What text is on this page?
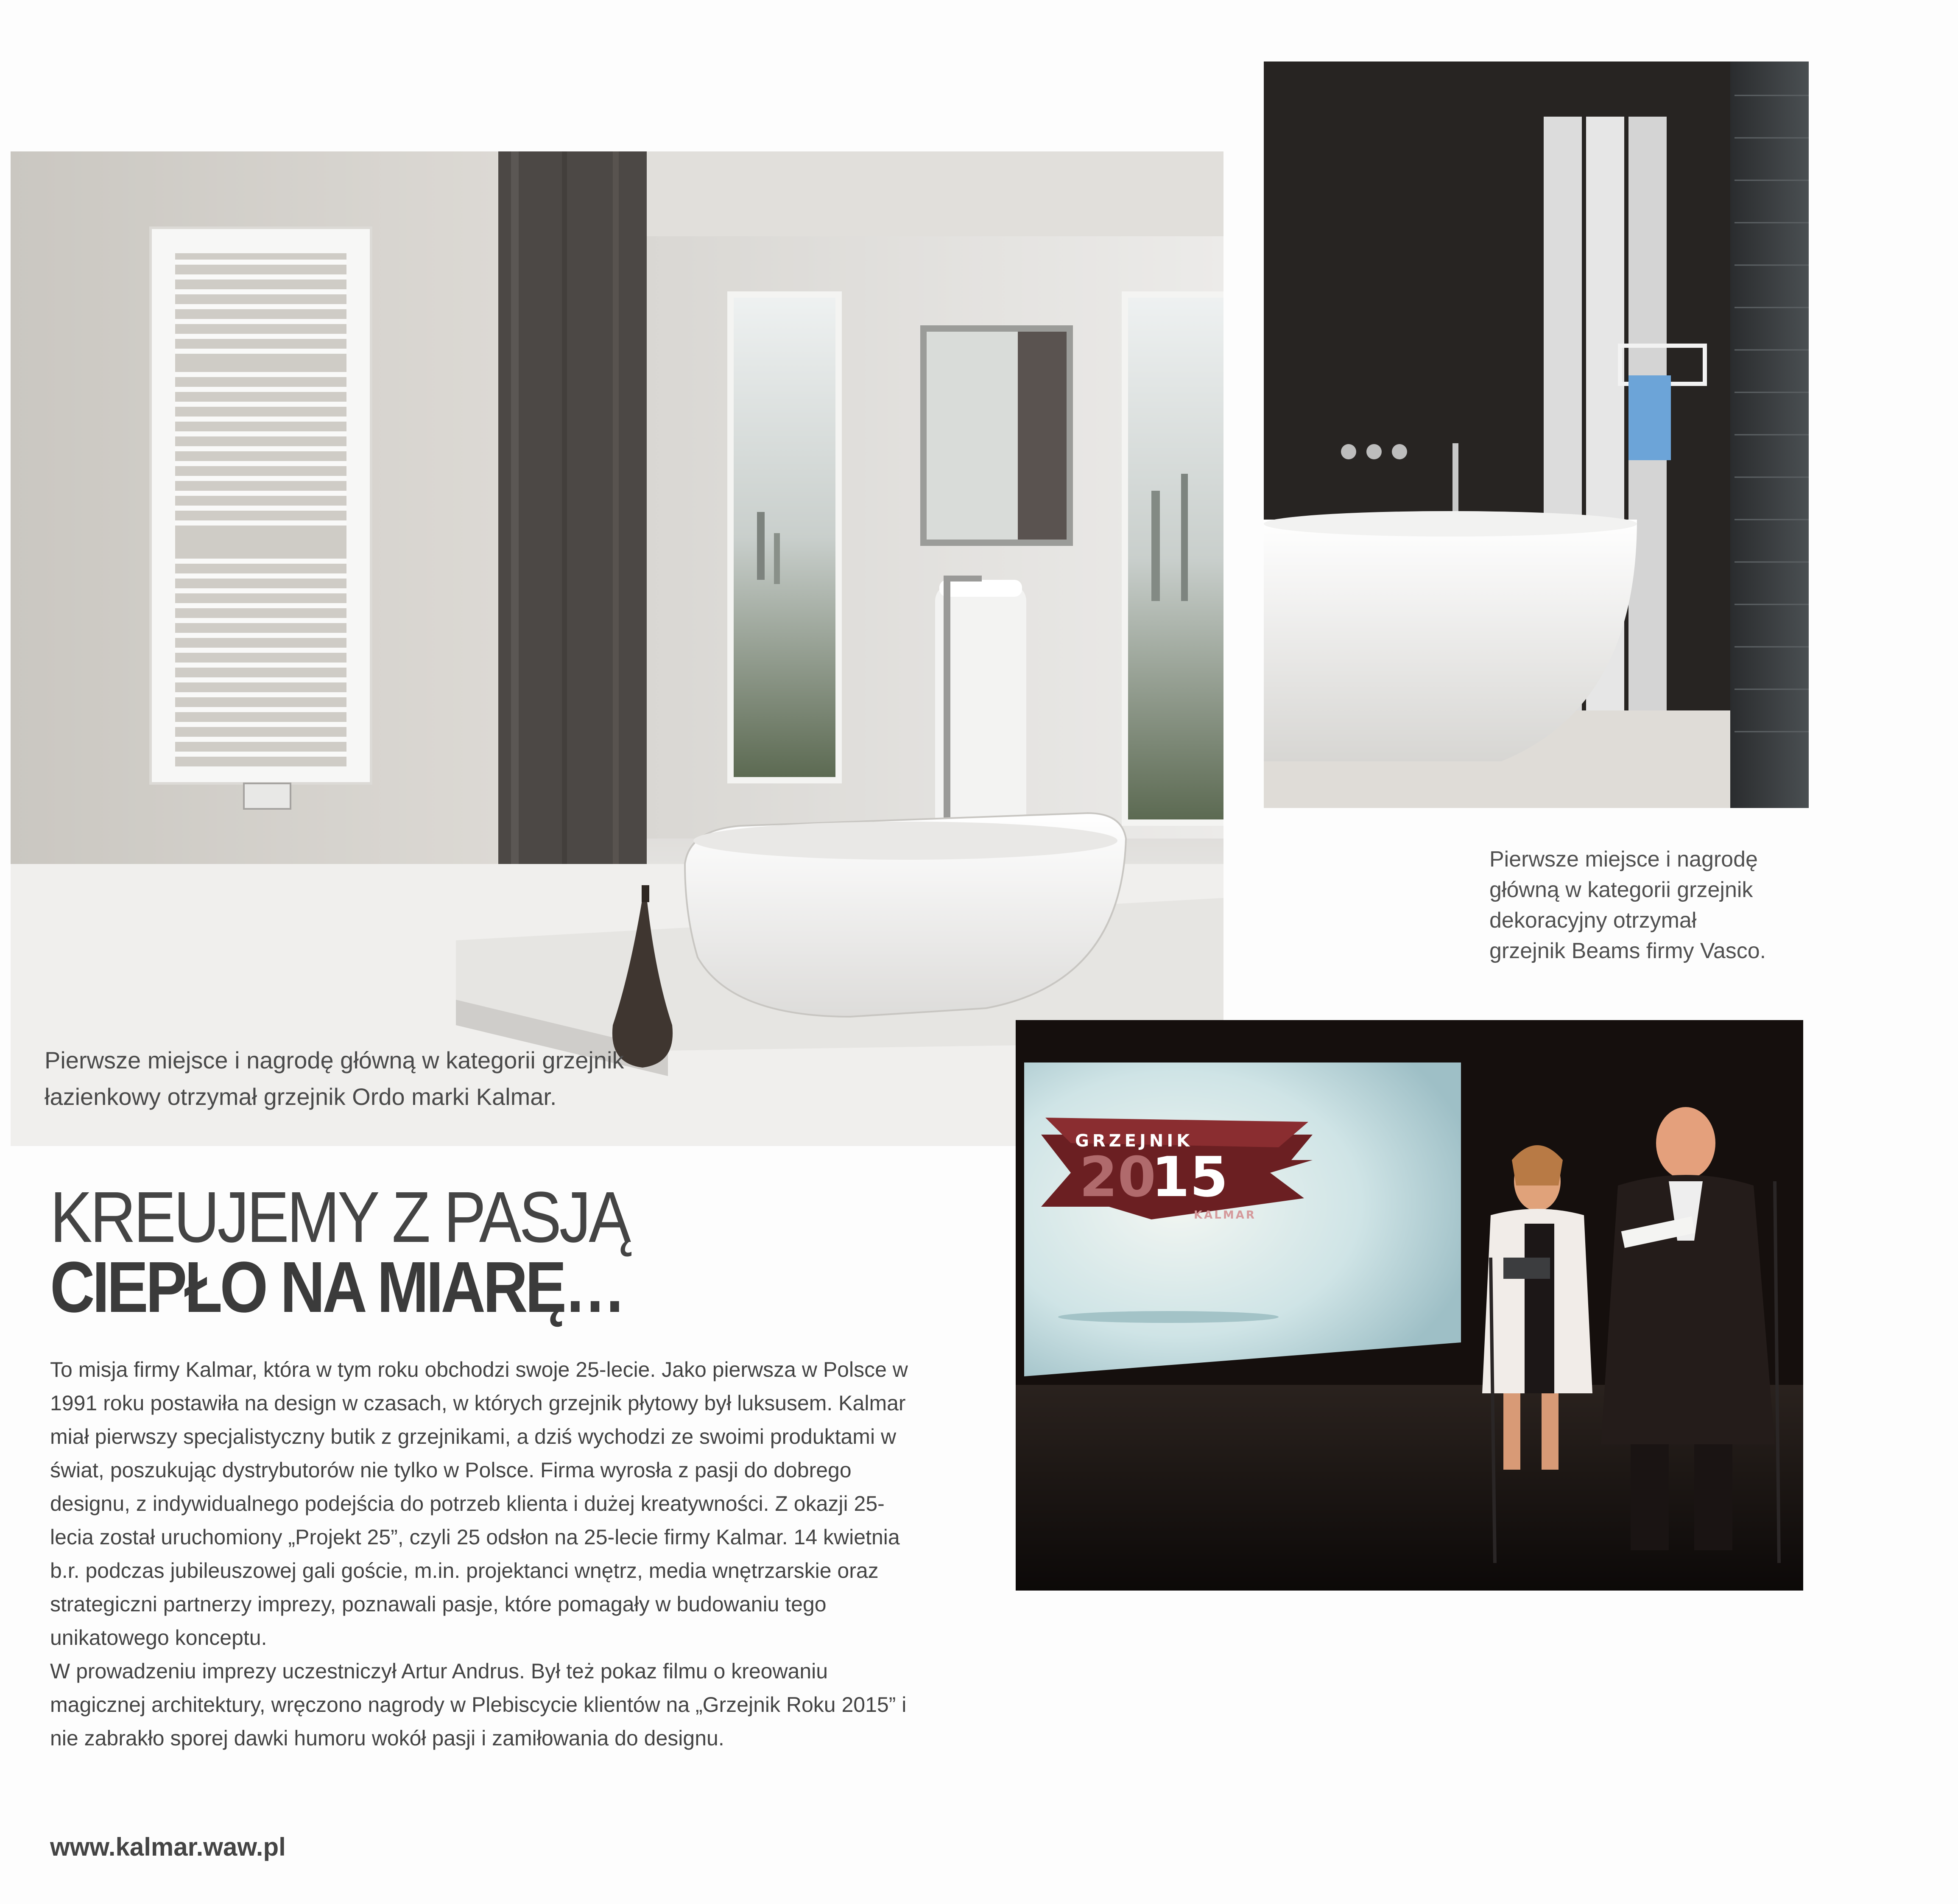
Pierwsze miejsce i nagrodę główną w kategorii grzejnik
łazienkowy otrzymał grzejnik Ordo marki Kalmar.
Pierwsze miejsce i nagrodę
główną w kategorii grzejnik
dekoracyjny otrzymał
grzejnik Beams firmy Vasco.
GRZEJNIK
20
15
KALMAR
KREUJEMY Z PASJĄ
CIEPŁO NA MIARĘ…

To misja firmy Kalmar, która w tym roku obchodzi swoje 25-lecie. Jako pierwsza w Polsce w 1991 roku postawiła na design w czasach, w których grzejnik płytowy był luksusem. Kalmar miał pierwszy specjalistyczny butik z grzejnikami, a dziś wychodzi ze swoimi produktami w świat, poszukując dystrybutorów nie tylko w Polsce. Firma wyrosła z pasji do dobrego designu, z indywidualnego podejścia do potrzeb klienta i dużej kreatywności. Z okazji 25-lecia został uruchomiony „Projekt 25”, czyli 25 odsłon na 25-lecie firmy Kalmar. 14 kwietnia b.r. podczas jubileuszowej gali goście, m.in. projektanci wnętrz, media wnętrzarskie oraz strategiczni partnerzy imprezy, poznawali pasje, które pomagały w budowaniu tego unikatowego konceptu.

W prowadzeniu imprezy uczestniczył Artur Andrus. Był też pokaz filmu o kreowaniu magicznej architektury, wręczono nagrody w Plebiscycie klientów na „Grzejnik Roku 2015” i nie zabrakło sporej dawki humoru wokół pasji i zamiłowania do designu.

www.kalmar.waw.pl
